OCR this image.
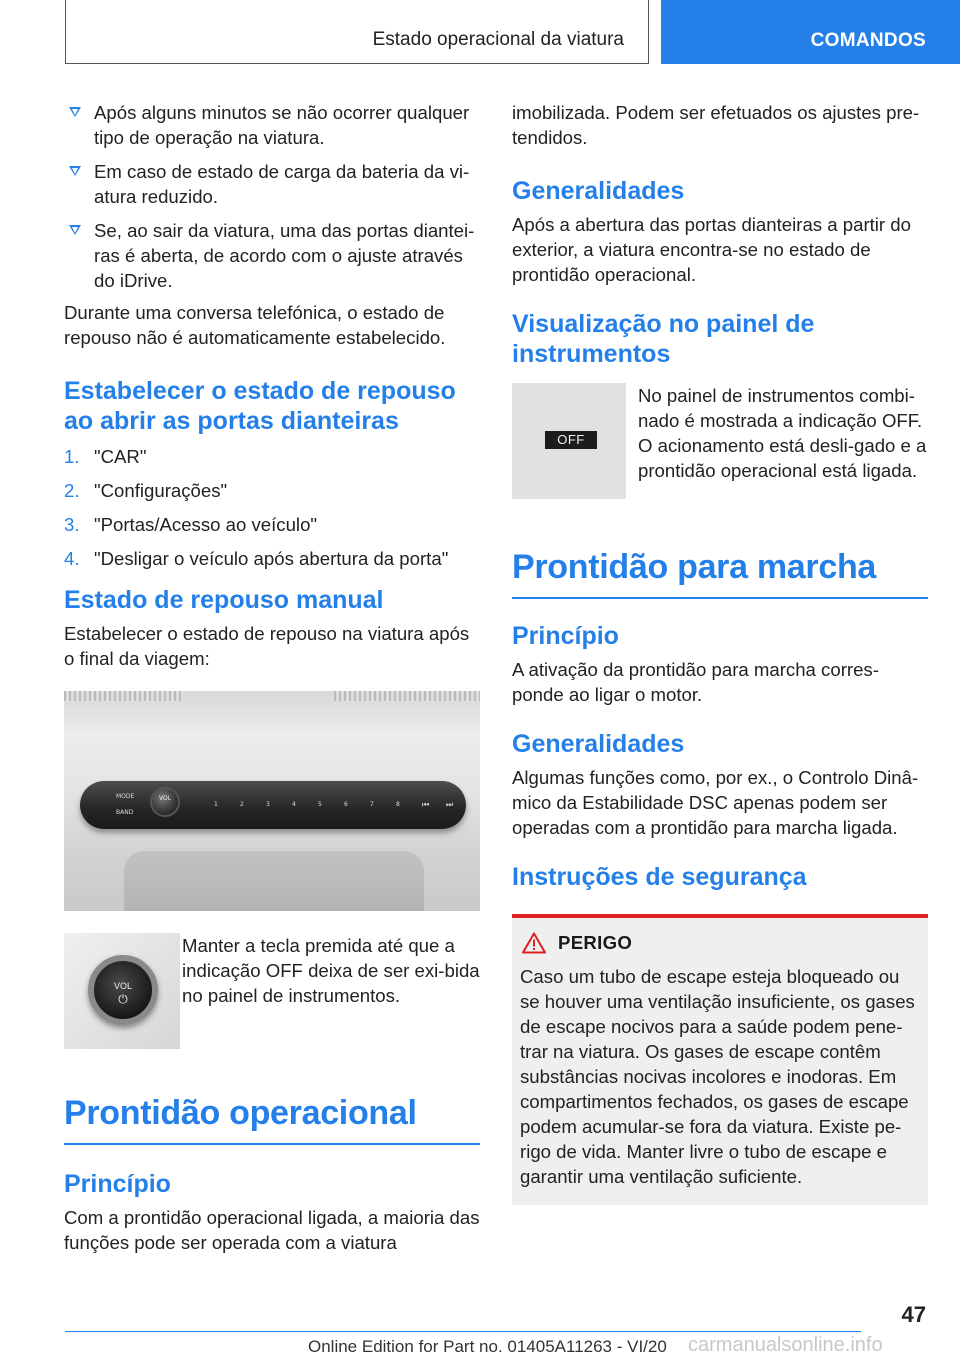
Estado operacional da viatura	COMANDOS
Após alguns minutos se não ocorrer qualquer tipo de operação na viatura.
Em caso de estado de carga da bateria da vi-atura reduzido.
Se, ao sair da viatura, uma das portas diantei-ras é aberta, de acordo com o ajuste através do iDrive.

Durante uma conversa telefónica, o estado de repouso não é automaticamente estabelecido.

Estabelecer o estado de repouso ao abrir as portas dianteiras
1. "CAR"
2. "Configurações"
3. "Portas/Acesso ao veículo"
4. "Desligar o veículo após abertura da porta"
Estado de repouso manual

Estabelecer o estado de repouso na viatura após o final da viagem:

MODE
BAND
VOL
1	2	3	4	5	6	7	8	⏮ ⏭
VOL
⏻

Manter a tecla premida até que a indicação OFF deixa de ser exi-bida no painel de instrumentos.

Prontidão operacional
Princípio

Com a prontidão operacional ligada, a maioria das funções pode ser operada com a viatura

imobilizada. Podem ser efetuados os ajustes pre-tendidos.

Generalidades

Após a abertura das portas dianteiras a partir do exterior, a viatura encontra-se no estado de prontidão operacional.

Visualização no painel de instrumentos
OFF

No painel de instrumentos combi-nado é mostrada a indicação OFF. O acionamento está desli-gado e a prontidão operacional está ligada.

Prontidão para marcha
Princípio

A ativação da prontidão para marcha corres-ponde ao ligar o motor.

Generalidades

Algumas funções como, por ex., o Controlo Dinâ-mico da Estabilidade DSC apenas podem ser operadas com a prontidão para marcha ligada.

Instruções de segurança
PERIGO

Caso um tubo de escape esteja bloqueado ou se houver uma ventilação insuficiente, os gases de escape nocivos para a saúde podem pene-trar na viatura. Os gases de escape contêm substâncias nocivas incolores e inodoras. Em compartimentos fechados, os gases de escape podem acumular-se fora da viatura. Existe pe-rigo de vida. Manter livre o tubo de escape e garantir uma ventilação suficiente.

47
Online Edition for Part no. 01405A11263 - VI/20 carmanualsonline.info
